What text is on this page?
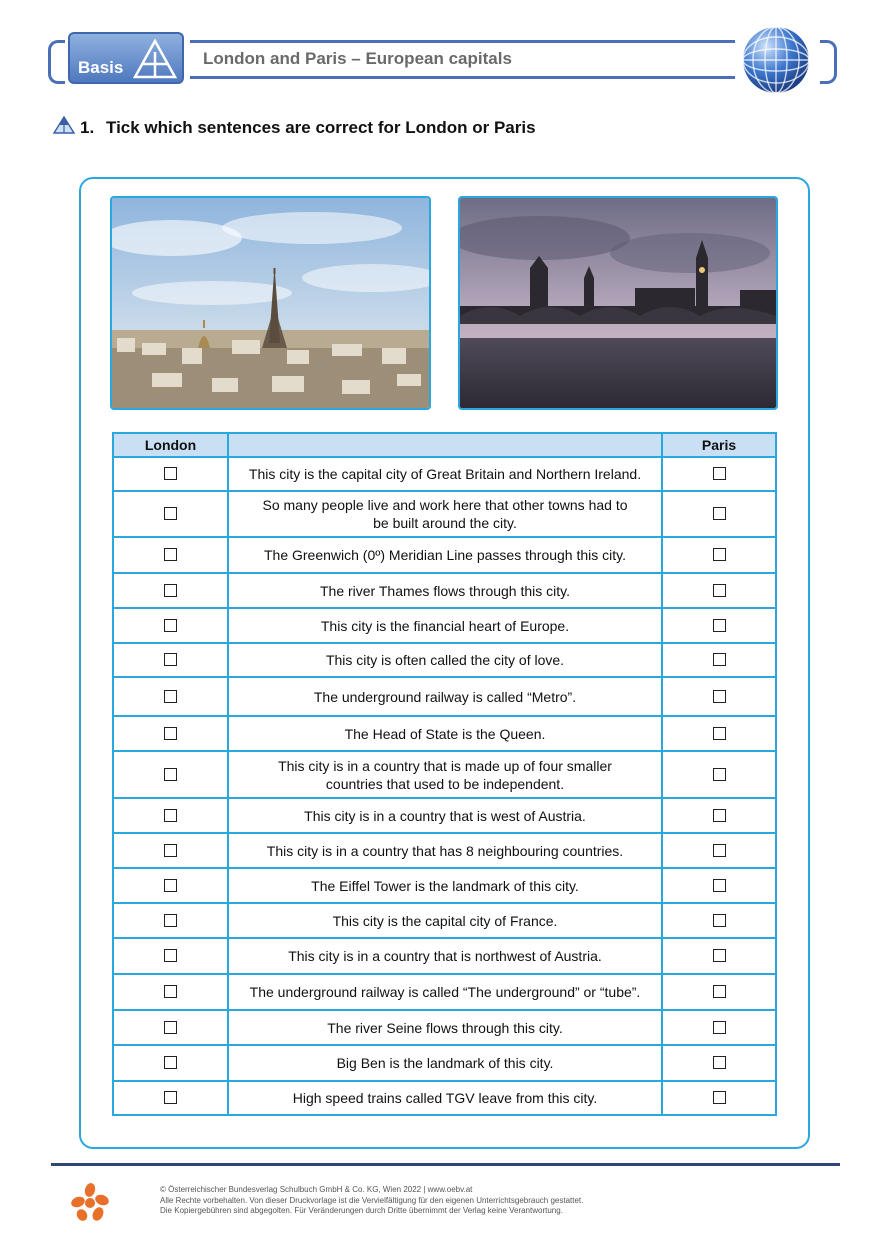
Basis	London and Paris – European capitals
1. Tick which sentences are correct for London or Paris
London		Paris

	This city is the capital city of Great Britain and Northern Ireland.	

	So many people live and work here that other towns had to
be built around the city.	

	The Greenwich (0º) Meridian Line passes through this city.	

	The river Thames flows through this city.	

	This city is the financial heart of Europe.	

	This city is often called the city of love.	

	The underground railway is called “Metro”.	

	The Head of State is the Queen.	

	This city is in a country that is made up of four smaller
countries that used to be independent.	

	This city is in a country that is west of Austria.	

	This city is in a country that has 8 neighbouring countries.	

	The Eiffel Tower is the landmark of this city.	

	This city is the capital city of France.	

	This city is in a country that is northwest of Austria.	

	The underground railway is called “The underground” or “tube”.	

	The river Seine flows through this city.	

	Big Ben is the landmark of this city.	

	High speed trains called TGV leave from this city.	

© Österreichischer Bundesverlag Schulbuch GmbH & Co. KG, Wien 2022 | www.oebv.at
Alle Rechte vorbehalten. Von dieser Druckvorlage ist die Vervielfältigung für den eigenen Unterrichtsgebrauch gestattet.
Die Kopiergebühren sind abgegolten. Für Veränderungen durch Dritte übernimmt der Verlag keine Verantwortung.
